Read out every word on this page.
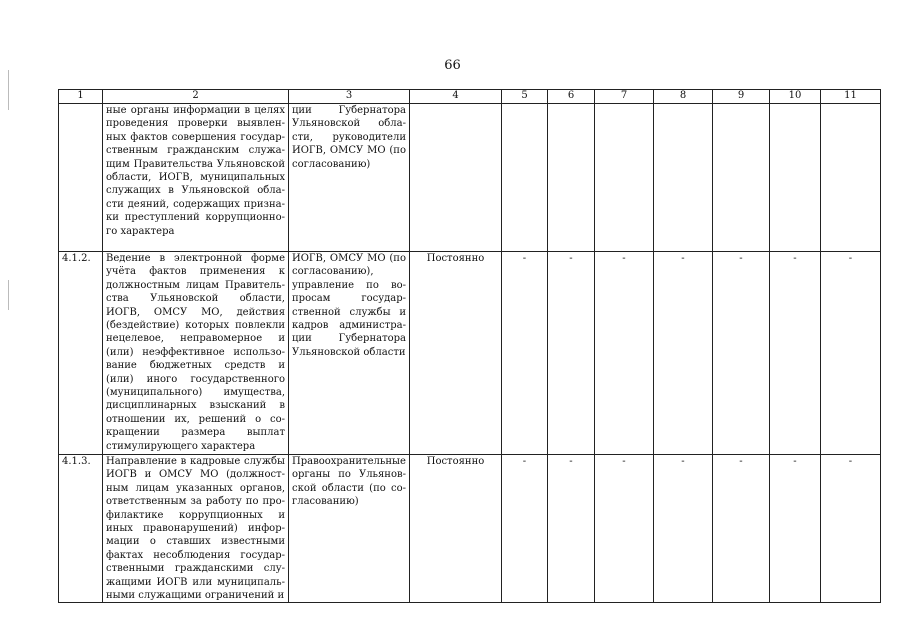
66
1	2	3	4	5	6	7	8	9	10	11
	ные органы информации в целях проведения проверки выявленных фактов совершения государственным гражданским служащим Правительства Ульяновской области, ИОГВ, муниципальных служащих в Ульяновской области деяний, содержащих признаки преступлений коррупционного характера	ции Губернатора Ульяновской области, руководители ИОГВ, ОМСУ МО (по согласованию)								
4.1.2.	Ведение в электронной форме учёта фактов применения к должностным лицам Правительства Ульяновской области, ИОГВ, ОМСУ МО, действия (бездействие) которых повлекли нецелевое, неправомерное и (или) неэффективное использование бюджетных средств и (или) иного государственного (муниципального) имущества, дисциплинарных взысканий в отношении их, решений о сокращении размера выплат стимулирующего характера	ИОГВ, ОМСУ МО (по согласованию), управление по вопросам государственной службы и кадров администрации Губернатора Ульяновской области	Постоянно	-	-	-	-	-	-	-
4.1.3.	Направление в кадровые службы ИОГВ и ОМСУ МО (должностным лицам указанных органов, ответственным за работу по профилактике коррупционных и иных правонарушений) информации о ставших известными фактах несоблюдения государственными гражданскими служащими ИОГВ или муниципальными служащими ограничений и	Правоохранительные органы по Ульяновской области (по согласованию)	Постоянно	-	-	-	-	-	-	-
